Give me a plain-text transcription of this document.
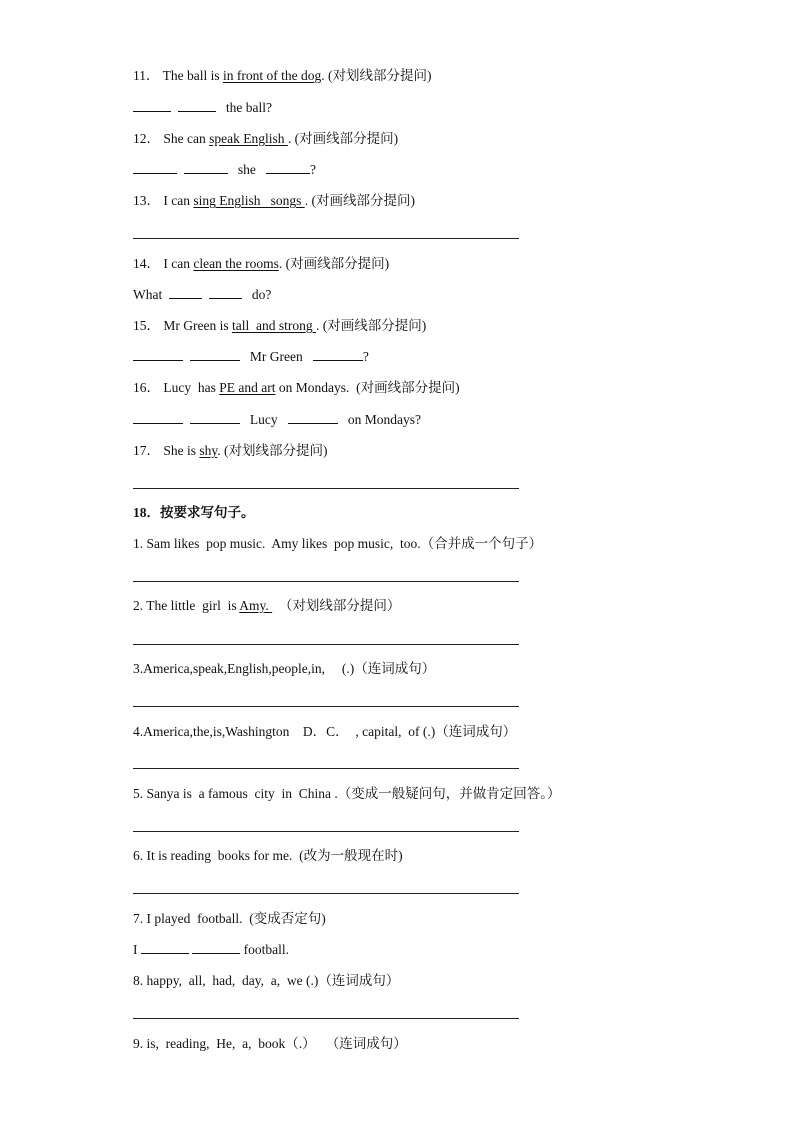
11． The ball is in front of the dog. (对划线部分提问)
the ball?
12． She can speak English . (对画线部分提问)
she	?
13． I can sing English   songs . (对画线部分提问)
14． I can clean the rooms. (对画线部分提问)
What	do?
15． Mr Green is tall  and strong . (对画线部分提问)
Mr Green	?
16． Lucy  has PE and art on Mondays.  (对画线部分提问)
Lucy	on Mondays?
17． She is shy. (对划线部分提问)
18．按要求写句子。
1. Sam likes  pop music.  Amy likes  pop music,  too.（合并成一个句子）
2. The little  girl  is Amy.   （对划线部分提问）
3.America,speak,English,people,in,     (.)（连词成句）
4.America,the,is,Washington    D．C．  , capital,  of (.)（连词成句）
5. Sanya is  a famous  city  in  China .（变成一般疑问句，并做肯定回答。）
6. It is reading  books for me.  (改为一般现在时)
7. I played  football.  (变成否定句)
I	football.
8. happy,  all,  had,  day,  a,  we (.)（连词成句）
9. is,  reading,  He,  a,  book（.）   （连词成句）
